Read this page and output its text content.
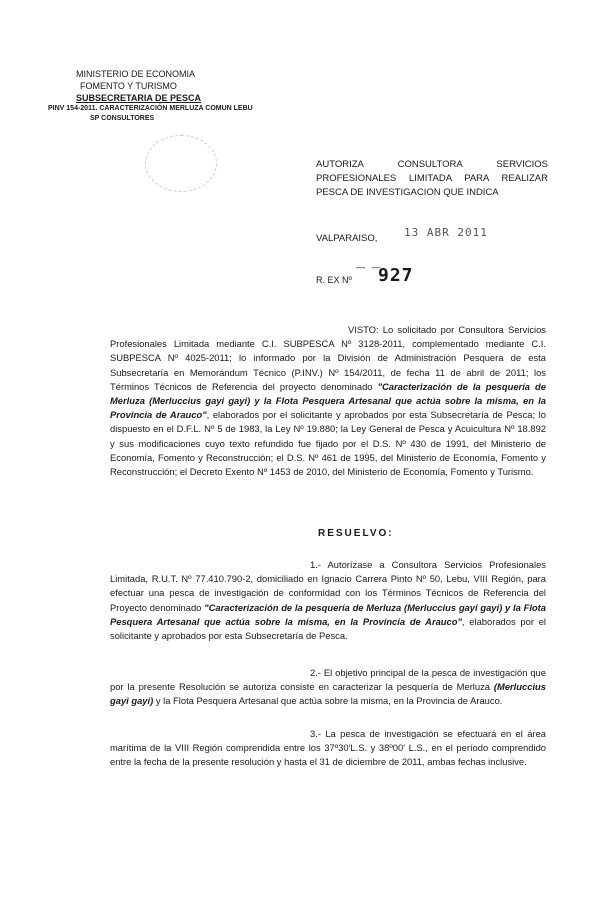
MINISTERIO DE ECONOMIA
FOMENTO Y TURISMO
SUBSECRETARIA DE PESCA
PINV 154-2011. CARACTERIZACIÓN MERLUZA COMUN LEBU
SP CONSULTORES
AUTORIZA CONSULTORA SERVICIOS PROFESIONALES LIMITADA PARA REALIZAR PESCA DE INVESTIGACION QUE INDICA
VALPARAISO, 13 ABR 2011
— —
R. EX Nº 927
VISTO: Lo solicitado por Consultora Servicios Profesionales Limitada mediante C.I. SUBPESCA Nº 3128-2011, complementado mediante C.I. SUBPESCA Nº 4025-2011; lo informado por la División de Administración Pesquera de esta Subsecretaría en Memorándum Técnico (P.INV.) Nº 154/2011, de fecha 11 de abril de 2011; los Términos Técnicos de Referencia del proyecto denominado "Caracterización de la pesquería de Merluza (Merluccius gayi gayi) y la Flota Pesquera Artesanal que actúa sobre la misma, en la Provincia de Arauco", elaborados por el solicitante y aprobados por esta Subsecretaría de Pesca; lo dispuesto en el D.F.L. Nº 5 de 1983, la Ley Nº 19.880; la Ley General de Pesca y Acuicultura Nº 18.892 y sus modificaciones cuyo texto refundido fue fijado por el D.S. Nº 430 de 1991, del Ministerio de Economía, Fomento y Reconstrucción; el D.S. Nº 461 de 1995, del Ministerio de Economía, Fomento y Reconstrucción; el Decreto Exento Nº 1453 de 2010, del Ministerio de Economía, Fomento y Turismo.
RESUELVO:
1.- Autorízase a Consultora Servicios Profesionales Limitada, R.U.T. Nº 77.410.790-2, domiciliado en Ignacio Carrera Pinto Nº 50, Lebu, VIII Región, para efectuar una pesca de investigación de conformidad con los Términos Técnicos de Referencia del Proyecto denominado "Caracterización de la pesquería de Merluza (Merluccius gayi gayi) y la Flota Pesquera Artesanal que actúa sobre la misma, en la Provincia de Arauco", elaborados por el solicitante y aprobados por esta Subsecretaría de Pesca.
2.- El objetivo principal de la pesca de investigación que por la presente Resolución se autoriza consiste en caracterizar la pesquería de Merluza (Merluccius gayi gayi) y la Flota Pesquera Artesanal que actúa sobre la misma, en la Provincia de Arauco.
3.- La pesca de investigación se efectuará en el área marítima de la VIII Región comprendida entre los 37º30'L.S. y 38º00' L.S., en el período comprendido entre la fecha de la presente resolución y hasta el 31 de diciembre de 2011, ambas fechas inclusive.
